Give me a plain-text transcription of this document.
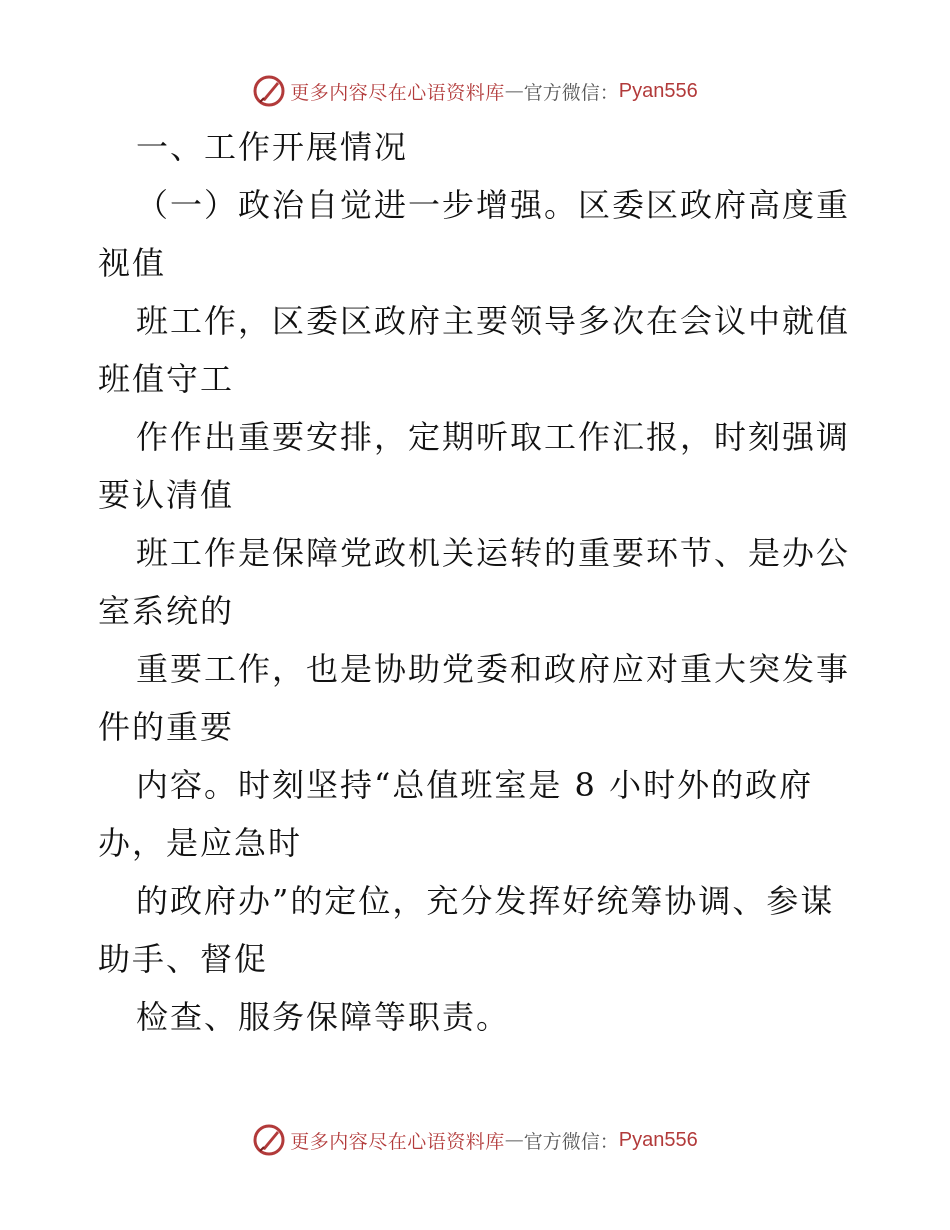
更多内容尽在心语资料库 — 官方微信： Pyan556
一、工作开展情况
（一）政治自觉进一步增强。区委区政府高度重
视值
班工作，区委区政府主要领导多次在会议中就值
班值守工
作作出重要安排，定期听取工作汇报，时刻强调
要认清值
班工作是保障党政机关运转的重要环节、是办公
室系统的
重要工作，也是协助党委和政府应对重大突发事
件的重要
内容。时刻坚持“总值班室是 8 小时外的政府
办，是应急时
的政府办”的定位，充分发挥好统筹协调、参谋
助手、督促
检查、服务保障等职责。
更多内容尽在心语资料库 — 官方微信： Pyan556
